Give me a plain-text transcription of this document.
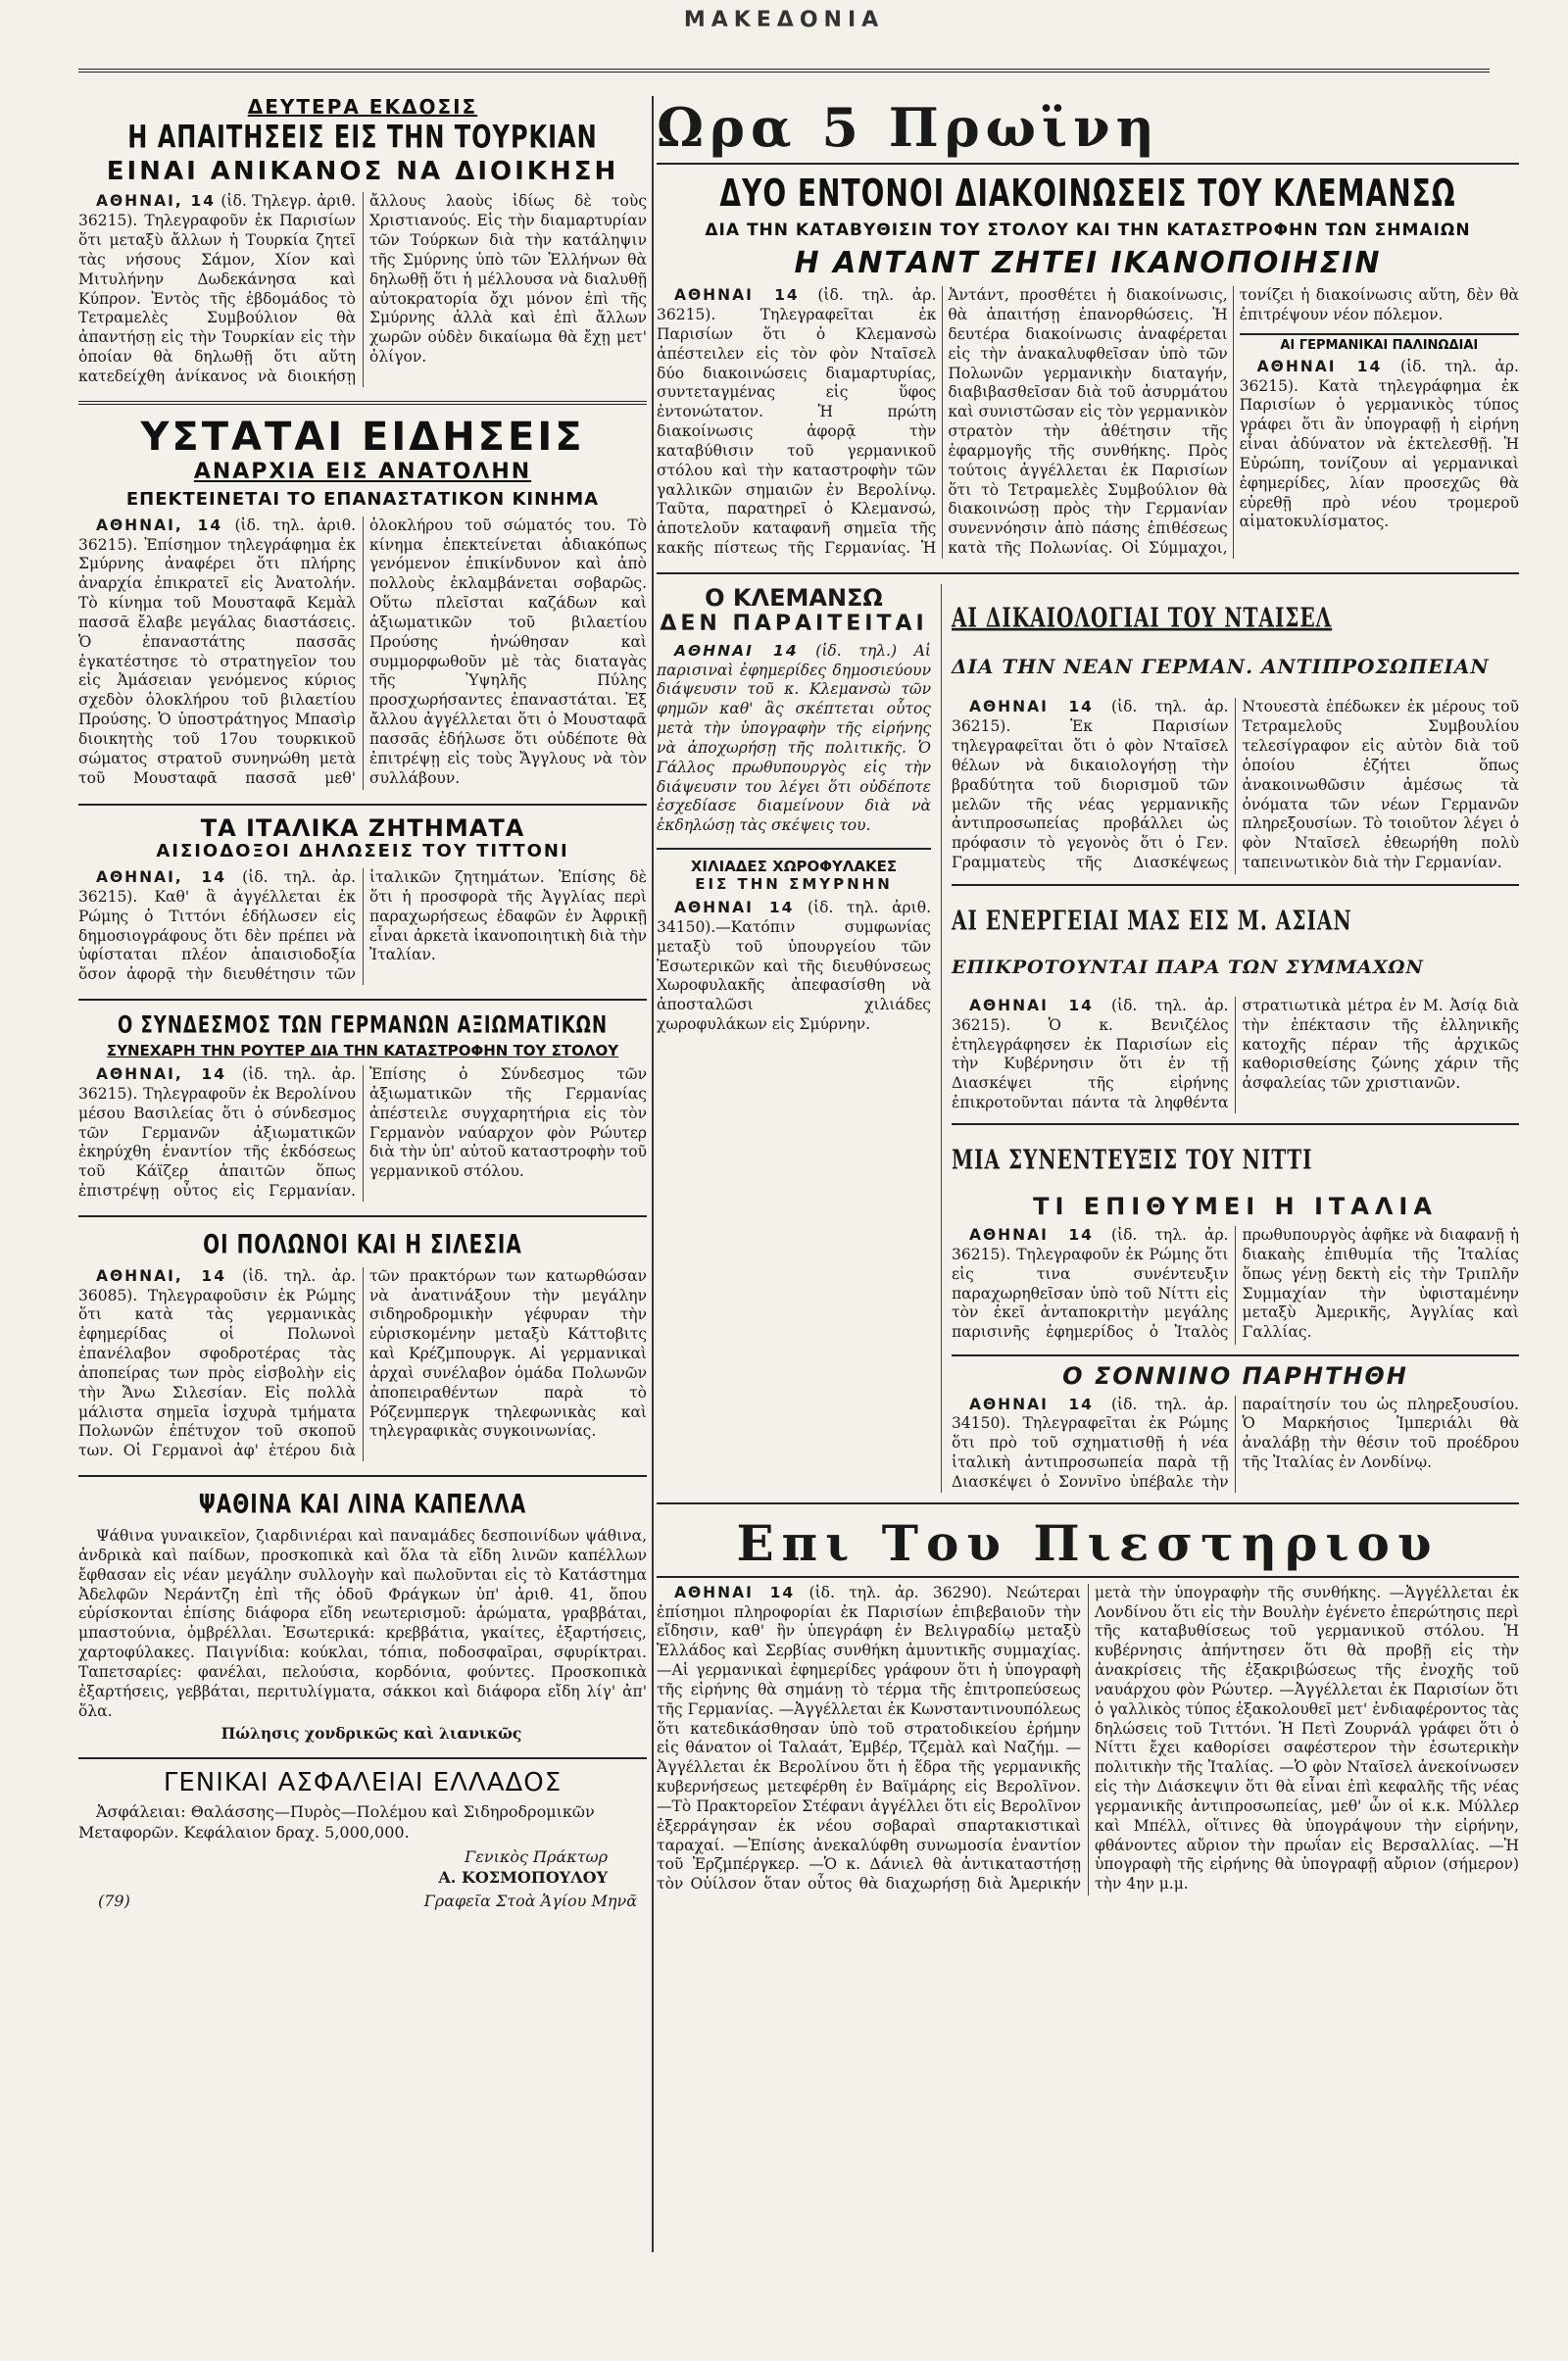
ΜΑΚΕΔΟΝΙΑ
ΔΕΥΤΕΡΑ ΕΚΔΟΣΙΣ
Η ΑΠΑΙΤΗΣΕΙΣ ΕΙΣ ΤΗΝ ΤΟΥΡΚΙΑΝ
ΕΙΝΑΙ ΑΝΙΚΑΝΟΣ ΝΑ ΔΙΟΙΚΗΣΗ

ΑΘΗΝΑΙ, 14 (ἰδ. Τηλεγρ. ἀριθ. 36215). Τηλεγραφοῦν ἐκ Παρισίων ὅτι μεταξὺ ἄλλων ἡ Τουρκία ζητεῖ τὰς νήσους Σάμον, Χίον καὶ Μιτυλήνην Δωδεκάνησα καὶ Κύπρον. Ἐντὸς τῆς ἑβδομάδος τὸ Τετραμελὲς Συμβούλιον θὰ ἀπαντήσῃ εἰς τὴν Τουρκίαν εἰς τὴν ὁποίαν θὰ δηλωθῇ ὅτι αὕτη κατεδείχθη ἀνίκανος νὰ διοικήσῃ ἄλλους λαοὺς ἰδίως δὲ τοὺς Χριστιανούς. Εἰς τὴν διαμαρτυρίαν τῶν Τούρκων διὰ τὴν κατάληψιν τῆς Σμύρνης ὑπὸ τῶν Ἑλλήνων θὰ δηλωθῇ ὅτι ἡ μέλλουσα νὰ διαλυθῇ αὐτοκρατορία ὄχι μόνον ἐπὶ τῆς Σμύρνης ἀλλὰ καὶ ἐπὶ ἄλλων χωρῶν οὐδὲν δικαίωμα θὰ ἔχῃ μετ' ὀλίγον.

ΥΣΤΑΤΑΙ ΕΙΔΗΣΕΙΣ
ΑΝΑΡΧΙΑ ΕΙΣ ΑΝΑΤΟΛΗΝ
ΕΠΕΚΤΕΙΝΕΤΑΙ ΤΟ ΕΠΑΝΑΣΤΑΤΙΚΟΝ ΚΙΝΗΜΑ

ΑΘΗΝΑΙ, 14 (ἰδ. τηλ. ἀριθ. 36215). Ἐπίσημον τηλεγράφημα ἐκ Σμύρνης ἀναφέρει ὅτι πλήρης ἀναρχία ἐπικρατεῖ εἰς Ἀνατολήν. Τὸ κίνημα τοῦ Μουσταφᾶ Κεμὰλ πασσᾶ ἔλαβε μεγάλας διαστάσεις. Ὁ ἐπαναστάτης πασσᾶς ἐγκατέστησε τὸ στρατηγεῖον του εἰς Ἀμάσειαν γενόμενος κύριος σχεδὸν ὁλοκλήρου τοῦ βιλαετίου Προύσης. Ὁ ὑποστράτηγος Μπασὶρ διοικητὴς τοῦ 17ου τουρκικοῦ σώματος στρατοῦ συνηνώθη μετὰ τοῦ Μουσταφᾶ πασσᾶ μεθ' ὁλοκλήρου τοῦ σώματός του. Τὸ κίνημα ἐπεκτείνεται ἀδιακόπως γενόμενον ἐπικίνδυνον καὶ ἀπὸ πολλοὺς ἐκλαμβάνεται σοβαρῶς. Οὕτω πλεῖσται καζάδων καὶ ἀξιωματικῶν τοῦ βιλαετίου Προύσης ἠνώθησαν καὶ συμμορφωθοῦν μὲ τὰς διαταγὰς τῆς Ὑψηλῆς Πύλης προσχωρήσαντες ἐπαναστάται. Ἐξ ἄλλου ἀγγέλλεται ὅτι ὁ Μουσταφᾶ πασσᾶς ἐδήλωσε ὅτι οὐδέποτε θὰ ἐπιτρέψῃ εἰς τοὺς Ἄγγλους νὰ τὸν συλλάβουν.

ΤΑ ΙΤΑΛΙΚΑ ΖΗΤΗΜΑΤΑ
ΑΙΣΙΟΔΟΞΟΙ ΔΗΛΩΣΕΙΣ ΤΟΥ ΤΙΤΤΟΝΙ

ΑΘΗΝΑΙ, 14 (ἰδ. τηλ. ἀρ. 36215). Καθ' ἃ ἀγγέλλεται ἐκ Ρώμης ὁ Τιττόνι ἐδήλωσεν εἰς δημοσιογράφους ὅτι δὲν πρέπει νὰ ὑφίσταται πλέον ἀπαισιοδοξία ὅσον ἀφορᾷ τὴν διευθέτησιν τῶν ἰταλικῶν ζητημάτων. Ἐπίσης δὲ ὅτι ἡ προσφορὰ τῆς Ἀγγλίας περὶ παραχωρήσεως ἐδαφῶν ἐν Ἀφρικῇ εἶναι ἀρκετὰ ἱκανοποιητικὴ διὰ τὴν Ἰταλίαν.

Ο ΣΥΝΔΕΣΜΟΣ ΤΩΝ ΓΕΡΜΑΝΩΝ ΑΞΙΩΜΑΤΙΚΩΝ
ΣΥΝΕΧΑΡΗ ΤΗΝ ΡΟΥΤΕΡ ΔΙΑ ΤΗΝ ΚΑΤΑΣΤΡΟΦΗΝ ΤΟΥ ΣΤΟΛΟΥ

ΑΘΗΝΑΙ, 14 (ἰδ. τηλ. ἀρ. 36215). Τηλεγραφοῦν ἐκ Βερολίνου μέσου Βασιλείας ὅτι ὁ σύνδεσμος τῶν Γερμανῶν ἀξιωματικῶν ἐκηρύχθη ἐναντίον τῆς ἐκδόσεως τοῦ Κάϊζερ ἀπαιτῶν ὅπως ἐπιστρέψῃ οὗτος εἰς Γερμανίαν. Ἐπίσης ὁ Σύνδεσμος τῶν ἀξιωματικῶν τῆς Γερμανίας ἀπέστειλε συγχαρητήρια εἰς τὸν Γερμανὸν ναύαρχον φὸν Ρώυτερ διὰ τὴν ὑπ' αὐτοῦ καταστροφὴν τοῦ γερμανικοῦ στόλου.

ΟΙ ΠΟΛΩΝΟΙ ΚΑΙ Η ΣΙΛΕΣΙΑ

ΑΘΗΝΑΙ, 14 (ἰδ. τηλ. ἀρ. 36085). Τηλεγραφοῦσιν ἐκ Ρώμης ὅτι κατὰ τὰς γερμανικὰς ἐφημερίδας οἱ Πολωνοὶ ἐπανέλαβον σφοδροτέρας τὰς ἀποπείρας των πρὸς εἰσβολὴν εἰς τὴν Ἄνω Σιλεσίαν. Εἰς πολλὰ μάλιστα σημεῖα ἰσχυρὰ τμήματα Πολωνῶν ἐπέτυχον τοῦ σκοποῦ των. Οἱ Γερμανοὶ ἀφ' ἑτέρου διὰ τῶν πρακτόρων των κατωρθώσαν νὰ ἀνατινάξουν τὴν μεγάλην σιδηροδρομικὴν γέφυραν τὴν εὑρισκομένην μεταξὺ Κάττοβιτς καὶ Κρέζμπουργκ. Αἱ γερμανικαὶ ἀρχαὶ συνέλαβον ὁμάδα Πολωνῶν ἀποπειραθέντων παρὰ τὸ Ρόζενμπεργκ τηλεφωνικὰς καὶ τηλεγραφικὰς συγκοινωνίας.

ΨΑΘΙΝΑ ΚΑΙ ΛΙΝΑ ΚΑΠΕΛΛΑ

Ψάθινα γυναικεῖον, ζιαρδινιέραι καὶ παναμάδες δεσποινίδων ψάθινα, ἀνδρικὰ καὶ παίδων, προσκοπικὰ καὶ ὅλα τὰ εἴδη λινῶν καπέλλων ἔφθασαν εἰς νέαν μεγάλην συλλογὴν καὶ πωλοῦνται εἰς τὸ Κατάστημα Ἀδελφῶν Νεράντζη ἐπὶ τῆς ὁδοῦ Φράγκων ὑπ' ἀριθ. 41, ὅπου εὑρίσκονται ἐπίσης διάφορα εἴδη νεωτερισμοῦ: ἀρώματα, γραββάται, μπαστούνια, ὀμβρέλλαι. Ἐσωτερικά: κρεββάτια, γκαίτες, ἐξαρτήσεις, χαρτοφύλακες. Παιγνίδια: κούκλαι, τόπια, ποδοσφαῖραι, σφυρίκτραι. Ταπετσαρίες: φανέλαι, πελούσια, κορδόνια, φούντες. Προσκοπικὰ ἐξαρτήσεις, γεββάται, περιτυλίγματα, σάκκοι καὶ διάφορα εἴδη λίγ' ἀπ' ὅλα.

Πώλησις χονδρικῶς καὶ λιανικῶς

ΓΕΝΙΚΑΙ ΑΣΦΑΛΕΙΑΙ ΕΛΛΑΔΟΣ

Ἀσφάλειαι: Θαλάσσης—Πυρὸς—Πολέμου καὶ Σιδηροδρομικῶν Μεταφορῶν. Κεφάλαιον δραχ. 5,000,000.

Γενικὸς Πράκτωρ
Α. ΚΟΣΜΟΠΟΥΛΟΥ
(79)	Γραφεῖα Στοὰ Ἁγίου Μηνᾶ
Ωρα 5 Πρωϊνη
ΔΥΟ ΕΝΤΟΝΟΙ ΔΙΑΚΟΙΝΩΣΕΙΣ ΤΟΥ ΚΛΕΜΑΝΣΩ
ΔΙΑ ΤΗΝ ΚΑΤΑΒΥΘΙΣΙΝ ΤΟΥ ΣΤΟΛΟΥ ΚΑΙ ΤΗΝ ΚΑΤΑΣΤΡΟΦΗΝ ΤΩΝ ΣΗΜΑΙΩΝ
Η ΑΝΤΑΝΤ ΖΗΤΕΙ ΙΚΑΝΟΠΟΙΗΣΙΝ

ΑΘΗΝΑΙ 14 (ἰδ. τηλ. ἀρ. 36215). Τηλεγραφεῖται ἐκ Παρισίων ὅτι ὁ Κλεμανσὼ ἀπέστειλεν εἰς τὸν φὸν Νταῖσελ δύο διακοινώσεις διαμαρτυρίας, συντεταγμένας εἰς ὕφος ἐντονώτατον. Ἡ πρώτη διακοίνωσις ἀφορᾷ τὴν καταβύθισιν τοῦ γερμανικοῦ στόλου καὶ τὴν καταστροφὴν τῶν γαλλικῶν σημαιῶν ἐν Βερολίνῳ. Ταῦτα, παρατηρεῖ ὁ Κλεμανσώ, ἀποτελοῦν καταφανῆ σημεῖα τῆς κακῆς πίστεως τῆς Γερμανίας. Ἡ Ἀντάντ, προσθέτει ἡ διακοίνωσις, θὰ ἀπαιτήσῃ ἐπανορθώσεις. Ἡ δευτέρα διακοίνωσις ἀναφέρεται εἰς τὴν ἀνακαλυφθεῖσαν ὑπὸ τῶν Πολωνῶν γερμανικὴν διαταγήν, διαβιβασθεῖσαν διὰ τοῦ ἀσυρμάτου καὶ συνιστῶσαν εἰς τὸν γερμανικὸν στρατὸν τὴν ἀθέτησιν τῆς ἐφαρμογῆς τῆς συνθήκης. Πρὸς τούτοις ἀγγέλλεται ἐκ Παρισίων ὅτι τὸ Τετραμελὲς Συμβούλιον θὰ διακοινώσῃ πρὸς τὴν Γερμανίαν συνεννόησιν ἀπὸ πάσης ἐπιθέσεως κατὰ τῆς Πολωνίας. Οἱ Σύμμαχοι, τονίζει ἡ διακοίνωσις αὕτη, δὲν θὰ ἐπιτρέψουν νέον πόλεμον.

ΑΙ ΓΕΡΜΑΝΙΚΑΙ ΠΑΛΙΝΩΔΙΑΙ

ΑΘΗΝΑΙ 14 (ἰδ. τηλ. ἀρ. 36215). Κατὰ τηλεγράφημα ἐκ Παρισίων ὁ γερμανικὸς τύπος γράφει ὅτι ἂν ὑπογραφῇ ἡ εἰρήνη εἶναι ἀδύνατον νὰ ἐκτελεσθῇ. Ἡ Εὐρώπη, τονίζουν αἱ γερμανικαὶ ἐφημερίδες, λίαν προσεχῶς θὰ εὑρεθῇ πρὸ νέου τρομεροῦ αἱματοκυλίσματος.

Ο ΚΛΕΜΑΝΣΩ
ΔΕΝ ΠΑΡΑΙΤΕΙΤΑΙ

ΑΘΗΝΑΙ 14 (ἰδ. τηλ.) Αἱ παρισιναὶ ἐφημερίδες δημοσιεύουν διάψευσιν τοῦ κ. Κλεμανσὼ τῶν φημῶν καθ' ἃς σκέπτεται οὗτος μετὰ τὴν ὑπογραφὴν τῆς εἰρήνης νὰ ἀποχωρήσῃ τῆς πολιτικῆς. Ὁ Γάλλος πρωθυπουργὸς εἰς τὴν διάψευσιν του λέγει ὅτι οὐδέποτε ἐσχεδίασε διαμείνουν διὰ νὰ ἐκδηλώσῃ τὰς σκέψεις του.

ΧΙΛΙΑΔΕΣ ΧΩΡΟΦΥΛΑΚΕΣ
ΕΙΣ ΤΗΝ ΣΜΥΡΝΗΝ

ΑΘΗΝΑΙ 14 (ἰδ. τηλ. ἀριθ. 34150).—Κατόπιν συμφωνίας μεταξὺ τοῦ ὑπουργείου τῶν Ἐσωτερικῶν καὶ τῆς διευθύνσεως Χωροφυλακῆς ἀπεφασίσθη νὰ ἀποσταλῶσι χιλιάδες χωροφυλάκων εἰς Σμύρνην.

ΑΙ ΔΙΚΑΙΟΛΟΓΙΑΙ ΤΟΥ ΝΤΑΙΣΕΛ
ΔΙΑ ΤΗΝ ΝΕΑΝ ΓΕΡΜΑΝ. ΑΝΤΙΠΡΟΣΩΠΕΙΑΝ

ΑΘΗΝΑΙ 14 (ἰδ. τηλ. ἀρ. 36215). Ἐκ Παρισίων τηλεγραφεῖται ὅτι ὁ φὸν Νταῖσελ θέλων νὰ δικαιολογήσῃ τὴν βραδύτητα τοῦ διορισμοῦ τῶν μελῶν τῆς νέας γερμανικῆς ἀντιπροσωπείας προβάλλει ὡς πρόφασιν τὸ γεγονὸς ὅτι ὁ Γεν. Γραμματεὺς τῆς Διασκέψεως Ντουεστὰ ἐπέδωκεν ἐκ μέρους τοῦ Τετραμελοῦς Συμβουλίου τελεσίγραφον εἰς αὐτὸν διὰ τοῦ ὁποίου ἐζήτει ὅπως ἀνακοινωθῶσιν ἀμέσως τὰ ὀνόματα τῶν νέων Γερμανῶν πληρεξουσίων. Τὸ τοιοῦτον λέγει ὁ φὸν Νταῖσελ ἐθεωρήθη πολὺ ταπεινωτικὸν διὰ τὴν Γερμανίαν.

ΑΙ ΕΝΕΡΓΕΙΑΙ ΜΑΣ ΕΙΣ Μ. ΑΣΙΑΝ
ΕΠΙΚΡΟΤΟΥΝΤΑΙ ΠΑΡΑ ΤΩΝ ΣΥΜΜΑΧΩΝ

ΑΘΗΝΑΙ 14 (ἰδ. τηλ. ἀρ. 36215). Ὁ κ. Βενιζέλος ἐτηλεγράφησεν ἐκ Παρισίων εἰς τὴν Κυβέρνησιν ὅτι ἐν τῇ Διασκέψει τῆς εἰρήνης ἐπικροτοῦνται πάντα τὰ ληφθέντα στρατιωτικὰ μέτρα ἐν Μ. Ἀσίᾳ διὰ τὴν ἐπέκτασιν τῆς ἑλληνικῆς κατοχῆς πέραν τῆς ἀρχικῶς καθορισθείσης ζώνης χάριν τῆς ἀσφαλείας τῶν χριστιανῶν.

ΜΙΑ ΣΥΝΕΝΤΕΥΞΙΣ ΤΟΥ ΝΙΤΤΙ
ΤΙ ΕΠΙΘΥΜΕΙ Η ΙΤΑΛΙΑ

ΑΘΗΝΑΙ 14 (ἰδ. τηλ. ἀρ. 36215). Τηλεγραφοῦν ἐκ Ρώμης ὅτι εἰς τινα συνέντευξιν παραχωρηθεῖσαν ὑπὸ τοῦ Νίττι εἰς τὸν ἐκεῖ ἀνταποκριτὴν μεγάλης παρισινῆς ἐφημερίδος ὁ Ἰταλὸς πρωθυπουργὸς ἀφῆκε νὰ διαφανῇ ἡ διακαὴς ἐπιθυμία τῆς Ἰταλίας ὅπως γένῃ δεκτὴ εἰς τὴν Τριπλῆν Συμμαχίαν τὴν ὑφισταμένην μεταξὺ Ἀμερικῆς, Ἀγγλίας καὶ Γαλλίας.

Ο ΣΟΝΝΙΝΟ ΠΑΡΗΤΗΘΗ

ΑΘΗΝΑΙ 14 (ἰδ. τηλ. ἀρ. 34150). Τηλεγραφεῖται ἐκ Ρώμης ὅτι πρὸ τοῦ σχηματισθῇ ἡ νέα ἰταλικὴ ἀντιπροσωπεία παρὰ τῇ Διασκέψει ὁ Σοννῖνο ὑπέβαλε τὴν παραίτησίν του ὡς πληρεξουσίου. Ὁ Μαρκήσιος Ἰμπεριάλι θὰ ἀναλάβῃ τὴν θέσιν τοῦ προέδρου τῆς Ἰταλίας ἐν Λονδίνῳ.

Επι Του Πιεστηριου

ΑΘΗΝΑΙ 14 (ἰδ. τηλ. ἀρ. 36290). Νεώτεραι ἐπίσημοι πληροφορίαι ἐκ Παρισίων ἐπιβεβαιοῦν τὴν εἴδησιν, καθ' ἣν ὑπεγράφη ἐν Βελιγραδίῳ μεταξὺ Ἑλλάδος καὶ Σερβίας συνθήκη ἀμυντικῆς συμμαχίας. —Αἱ γερμανικαὶ ἐφημερίδες γράφουν ὅτι ἡ ὑπογραφὴ τῆς εἰρήνης θὰ σημάνῃ τὸ τέρμα τῆς ἐπιτροπεύσεως τῆς Γερμανίας. —Ἀγγέλλεται ἐκ Κωνσταντινουπόλεως ὅτι κατεδικάσθησαν ὑπὸ τοῦ στρατοδικείου ἐρήμην εἰς θάνατον οἱ Ταλαάτ, Ἐμβέρ, Τζεμὰλ καὶ Ναζήμ. —Ἀγγέλλεται ἐκ Βερολίνου ὅτι ἡ ἕδρα τῆς γερμανικῆς κυβερνήσεως μετεφέρθη ἐν Βαϊμάρης εἰς Βερολῖνον. —Τὸ Πρακτορεῖον Στέφανι ἀγγέλλει ὅτι εἰς Βερολῖνον ἐξερράγησαν ἐκ νέου σοβαραὶ σπαρτακιστικαὶ ταραχαί. —Ἐπίσης ἀνεκαλύφθη συνωμοσία ἐναντίον τοῦ Ἐρζμπέργκερ. —Ὁ κ. Δάνιελ θὰ ἀντικαταστήσῃ τὸν Οὐίλσον ὅταν οὗτος θὰ διαχωρήσῃ διὰ Ἀμερικήν μετὰ τὴν ὑπογραφὴν τῆς συνθήκης. —Ἀγγέλλεται ἐκ Λονδίνου ὅτι εἰς τὴν Βουλὴν ἐγένετο ἐπερώτησις περὶ τῆς καταβυθίσεως τοῦ γερμανικοῦ στόλου. Ἡ κυβέρνησις ἀπήντησεν ὅτι θὰ προβῇ εἰς τὴν ἀνακρίσεις τῆς ἐξακριβώσεως τῆς ἐνοχῆς τοῦ ναυάρχου φὸν Ρώυτερ. —Ἀγγέλλεται ἐκ Παρισίων ὅτι ὁ γαλλικὸς τύπος ἐξακολουθεῖ μετ' ἐνδιαφέροντος τὰς δηλώσεις τοῦ Τιττόνι. Ἡ Πετὶ Ζουρνάλ γράφει ὅτι ὁ Νίττι ἔχει καθορίσει σαφέστερον τὴν ἐσωτερικὴν πολιτικὴν τῆς Ἰταλίας. —Ὁ φὸν Νταῖσελ ἀνεκοίνωσεν εἰς τὴν Διάσκεψιν ὅτι θὰ εἶναι ἐπὶ κεφαλῆς τῆς νέας γερμανικῆς ἀντιπροσωπείας, μεθ' ὧν οἱ κ.κ. Μύλλερ καὶ Μπέλλ, οἵτινες θὰ ὑπογράψουν τὴν εἰρήνην, φθάνοντες αὔριον τὴν πρωΐαν εἰς Βερσαλλίας. —Ἡ ὑπογραφὴ τῆς εἰρήνης θὰ ὑπογραφῇ αὔριον (σήμερον) τὴν 4ην μ.μ.
